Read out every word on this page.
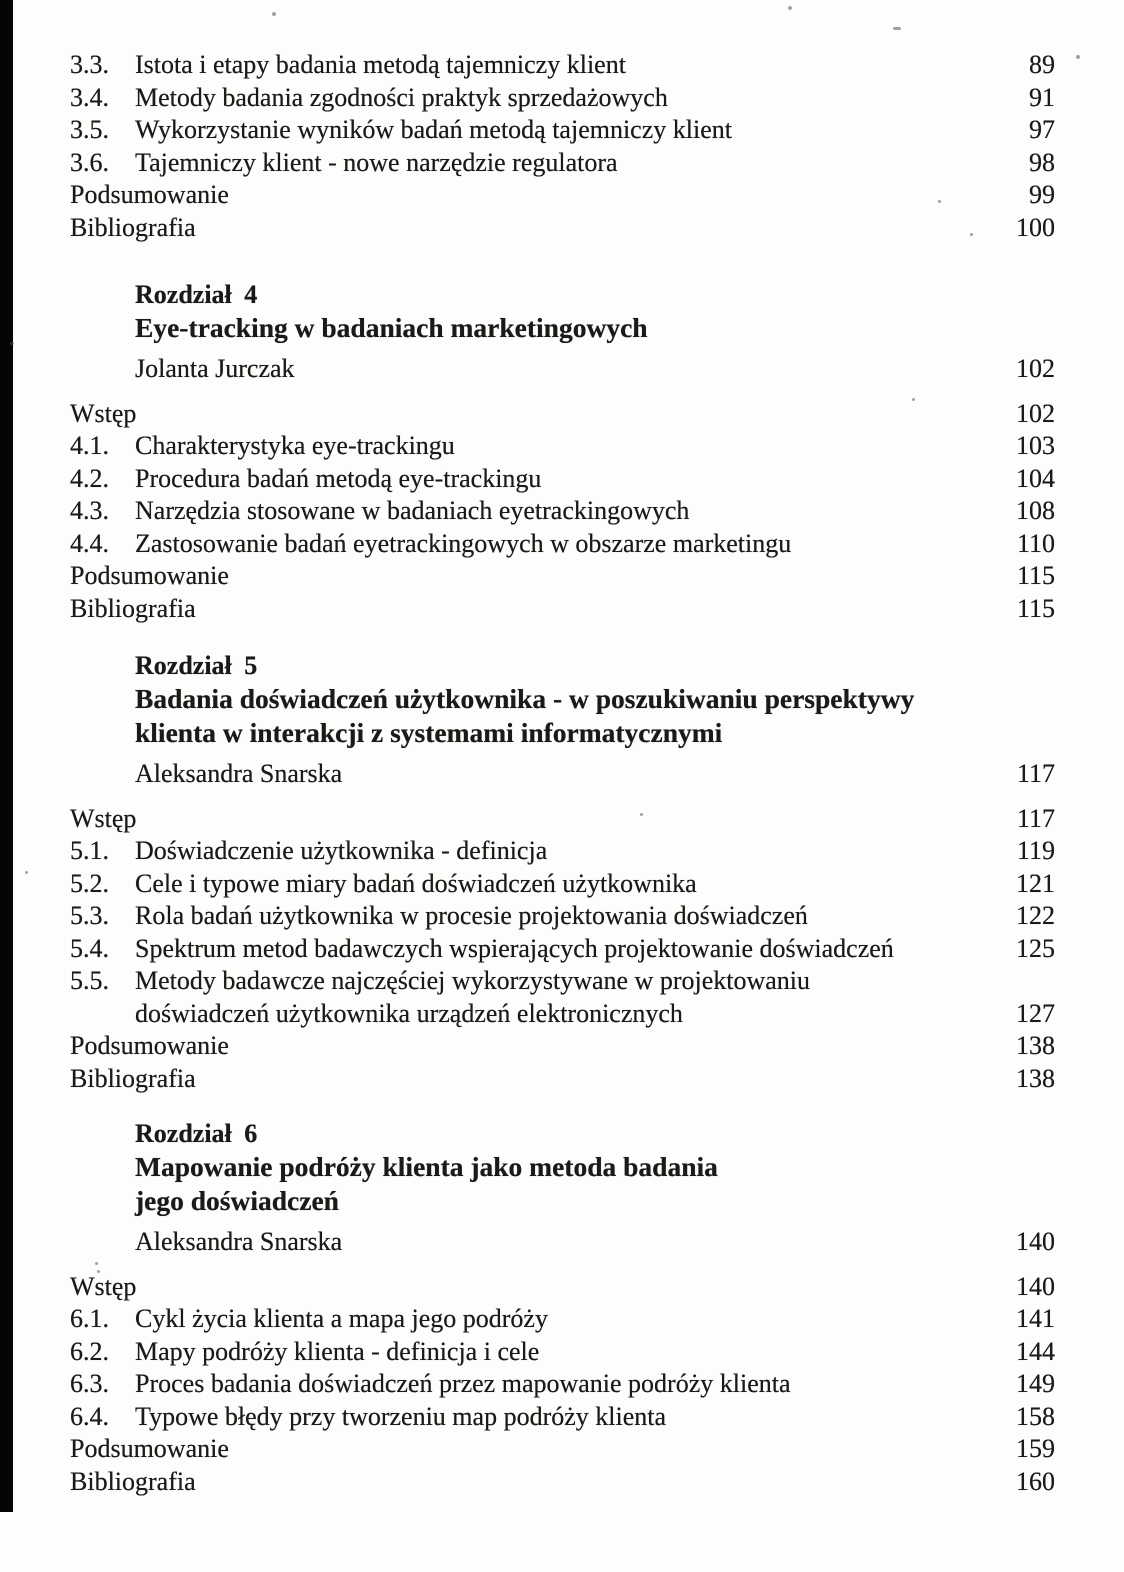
3.3.	Istota i etapy badania metodą tajemniczy klient	89
3.4.	Metody badania zgodności praktyk sprzedażowych	91
3.5.	Wykorzystanie wyników badań metodą tajemniczy klient	97
3.6.	Tajemniczy klient - nowe narzędzie regulatora	98
Podsumowanie	99
Bibliografia	100
Rozdział 4
Eye-tracking w badaniach marketingowych
Jolanta Jurczak	102
Wstęp	102
4.1.	Charakterystyka eye-trackingu	103
4.2.	Procedura badań metodą eye-trackingu	104
4.3.	Narzędzia stosowane w badaniach eyetrackingowych	108
4.4.	Zastosowanie badań eyetrackingowych w obszarze marketingu	110
Podsumowanie	115
Bibliografia	115
Rozdział 5
Badania doświadczeń użytkownika - w poszukiwaniu perspektywy
klienta w interakcji z systemami informatycznymi
Aleksandra Snarska	117
Wstęp	117
5.1.	Doświadczenie użytkownika - definicja	119
5.2.	Cele i typowe miary badań doświadczeń użytkownika	121
5.3.	Rola badań użytkownika w procesie projektowania doświadczeń	122
5.4.	Spektrum metod badawczych wspierających projektowanie doświadczeń	125
5.5.	Metody badawcze najczęściej wykorzystywane w projektowaniu
doświadczeń użytkownika urządzeń elektronicznych	127
Podsumowanie	138
Bibliografia	138
Rozdział 6
Mapowanie podróży klienta jako metoda badania
jego doświadczeń
Aleksandra Snarska	140
Wstęp	140
6.1.	Cykl życia klienta a mapa jego podróży	141
6.2.	Mapy podróży klienta - definicja i cele	144
6.3.	Proces badania doświadczeń przez mapowanie podróży klienta	149
6.4.	Typowe błędy przy tworzeniu map podróży klienta	158
Podsumowanie	159
Bibliografia	160
